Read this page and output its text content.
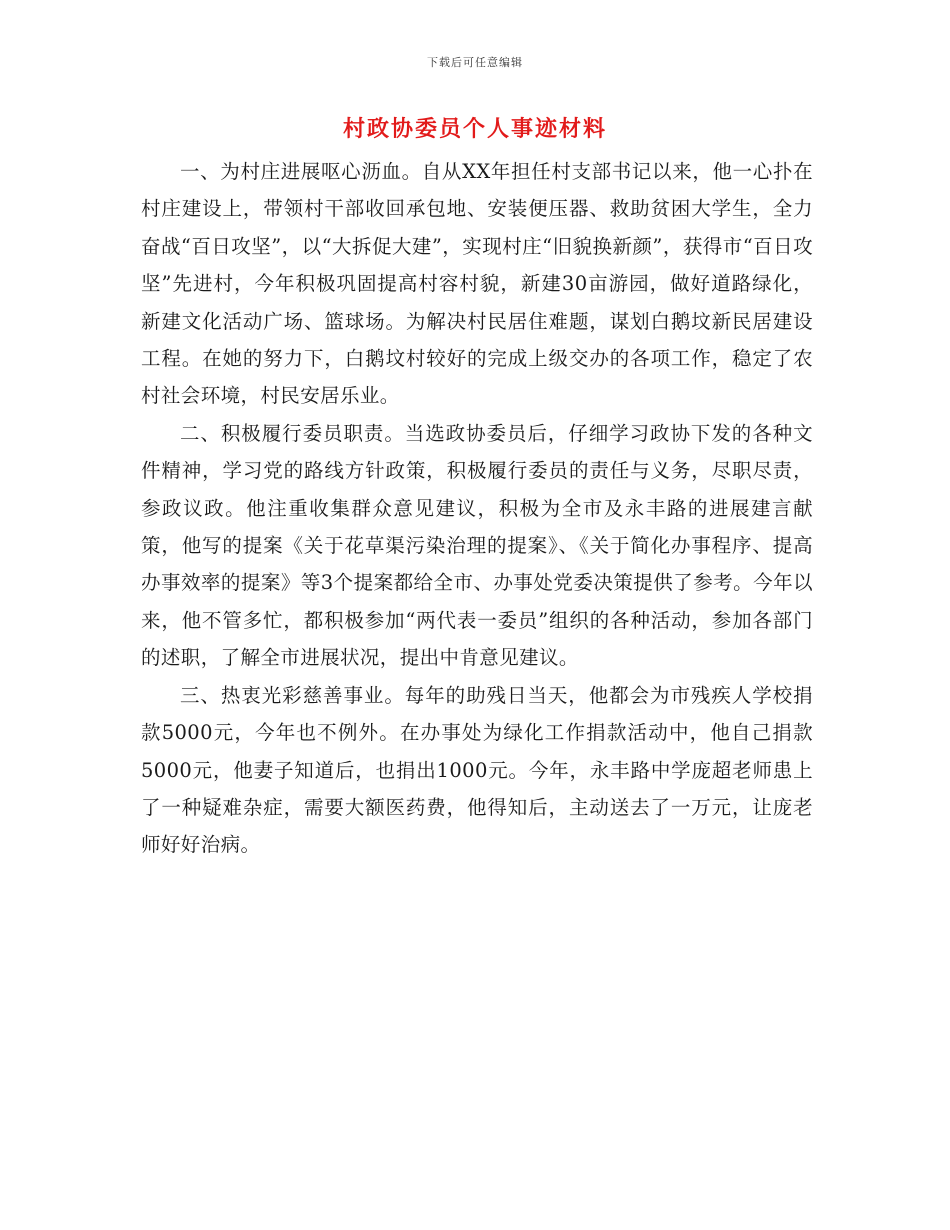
下载后可任意编辑
村政协委员个人事迹材料

一、为村庄进展呕心沥血。自从XX年担任村支部书记以来，他一心扑在村庄建设上，带领村干部收回承包地、安装便压器、救助贫困大学生，全力奋战“百日攻坚”，以“大拆促大建”，实现村庄“旧貌换新颜”，获得市“百日攻坚”先进村，今年积极巩固提高村容村貌，新建30亩游园，做好道路绿化，新建文化活动广场、篮球场。为解决村民居住难题，谋划白鹅坟新民居建设工程。在她的努力下，白鹅坟村较好的完成上级交办的各项工作，稳定了农村社会环境，村民安居乐业。

二、积极履行委员职责。当选政协委员后，仔细学习政协下发的各种文件精神，学习党的路线方针政策，积极履行委员的责任与义务，尽职尽责，参政议政。他注重收集群众意见建议，积极为全市及永丰路的进展建言献策，他写的提案《关于花草渠污染治理的提案》、《关于简化办事程序、提高办事效率的提案》等3个提案都给全市、办事处党委决策提供了参考。今年以来，他不管多忙，都积极参加“两代表一委员”组织的各种活动，参加各部门的述职，了解全市进展状况，提出中肯意见建议。

三、热衷光彩慈善事业。每年的助残日当天，他都会为市残疾人学校捐款5000元，今年也不例外。在办事处为绿化工作捐款活动中，他自己捐款5000元，他妻子知道后，也捐出1000元。今年，永丰路中学庞超老师患上了一种疑难杂症，需要大额医药费，他得知后，主动送去了一万元，让庞老师好好治病。
